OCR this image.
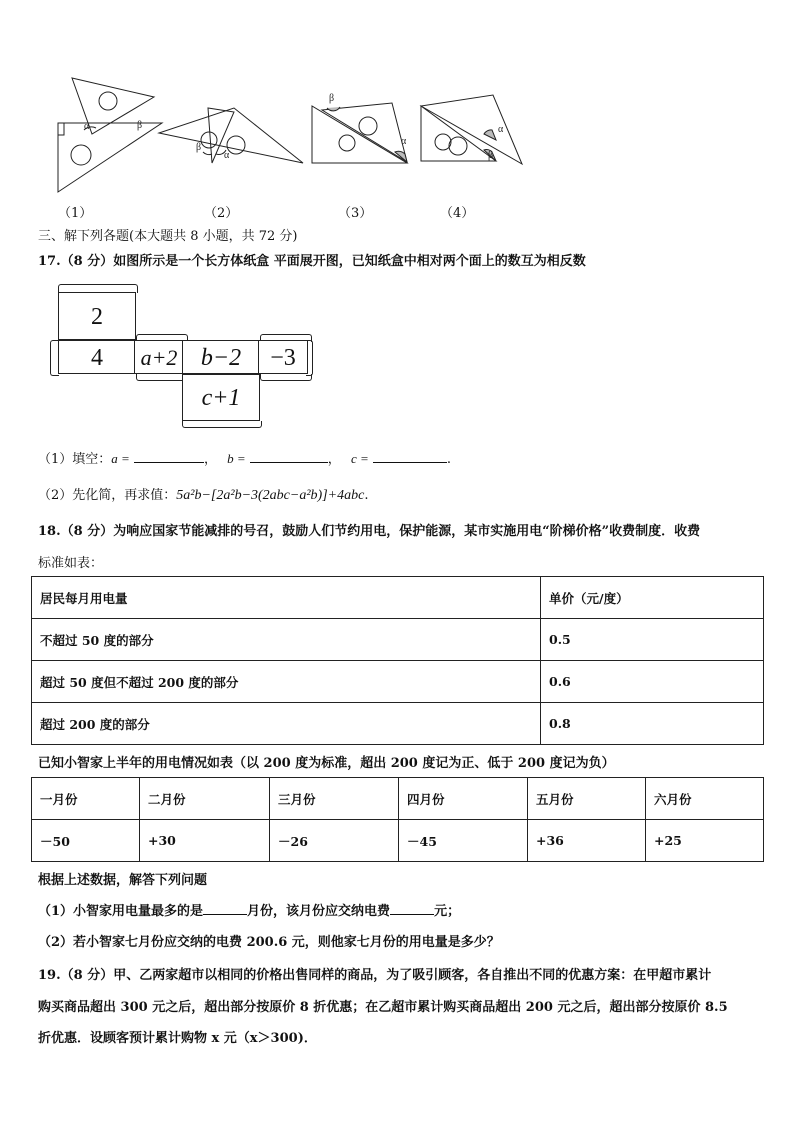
α	β
β
α
β
α
α
β
（1）	（2）	（3）	（4）
三、解下列各题(本大题共 8 小题，共 72 分)
17.（8 分）如图所示是一个长方体纸盒 平面展开图，已知纸盒中相对两个面上的数互为相反数
2
4	a+2 b−2	−3
c+1
（1）填空：a =	， b =	， c =	.
（2）先化简，再求值：5a²b−[2a²b−3(2abc−a²b)]+4abc.
18.（8 分）为响应国家节能减排的号召，鼓励人们节约用电，保护能源，某市实施用电“阶梯价格”收费制度．收费
标准如表：
居民每月用电量	单价（元/度）
不超过 50 度的部分	0.5
超过 50 度但不超过 200 度的部分	0.6
超过 200 度的部分	0.8
已知小智家上半年的用电情况如表（以 200 度为标准，超出 200 度记为正、低于 200 度记为负）
一月份	二月份	三月份	四月份	五月份	六月份
－50	+30	－26	－45	+36	+25
根据上述数据，解答下列问题
（1）小智家用电量最多的是	月份，该月份应交纳电费	元；
（2）若小智家七月份应交纳的电费 200.6 元，则他家七月份的用电量是多少？
19.（8 分）甲、乙两家超市以相同的价格出售同样的商品，为了吸引顾客，各自推出不同的优惠方案：在甲超市累计
购买商品超出 300 元之后，超出部分按原价 8 折优惠；在乙超市累计购买商品超出 200 元之后，超出部分按原价 8.5
折优惠．设顾客预计累计购物 x 元（x＞300)．
